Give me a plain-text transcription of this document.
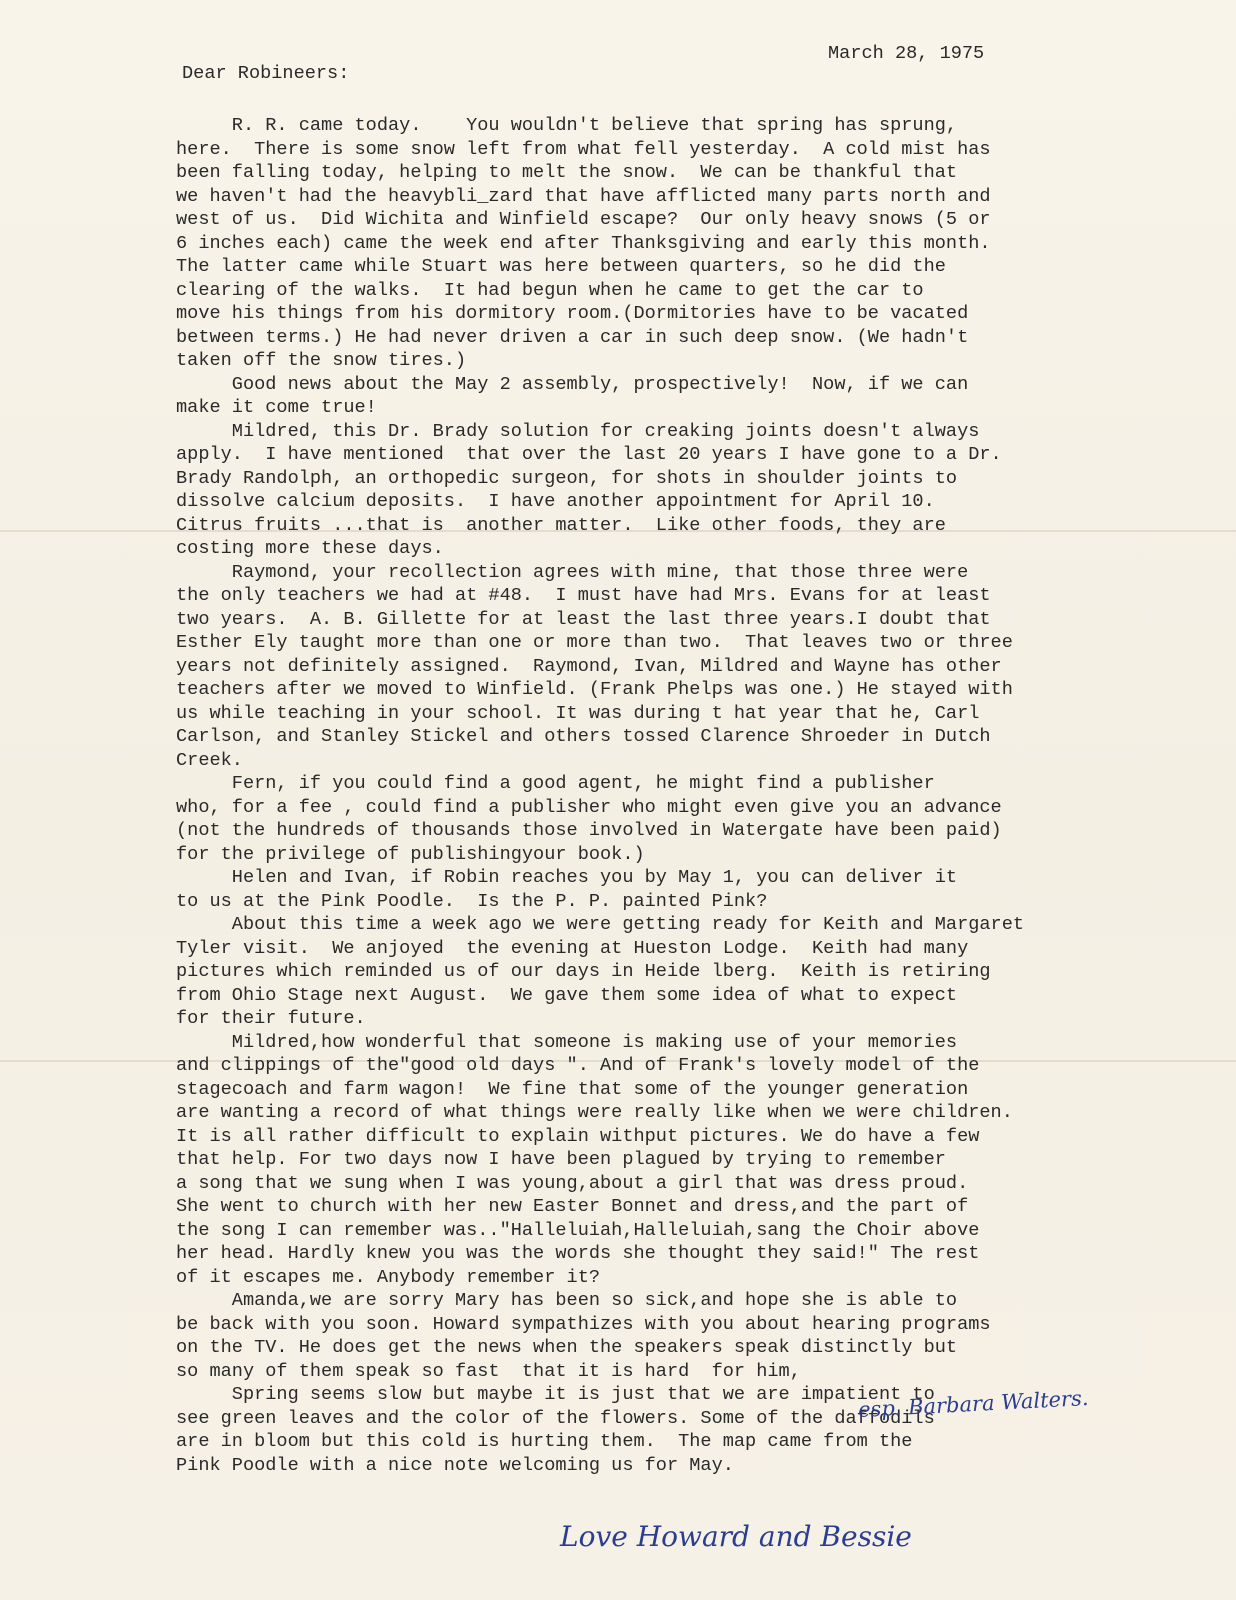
March 28, 1975

Dear Robineers:

R. R. came today.    You wouldn't believe that spring has sprung,
here.  There is some snow left from what fell yesterday.  A cold mist has
been falling today, helping to melt the snow.  We can be thankful that
we haven't had the heavybli_zard that have afflicted many parts north and
west of us.  Did Wichita and Winfield escape?  Our only heavy snows (5 or
6 inches each) came the week end after Thanksgiving and early this month.
The latter came while Stuart was here between quarters, so he did the
clearing of the walks.  It had begun when he came to get the car to
move his things from his dormitory room.(Dormitories have to be vacated
between terms.) He had never driven a car in such deep snow. (We hadn't
taken off the snow tires.)
Good news about the May 2 assembly, prospectively!  Now, if we can
make it come true!
Mildred, this Dr. Brady solution for creaking joints doesn't always
apply.  I have mentioned  that over the last 20 years I have gone to a Dr.
Brady Randolph, an orthopedic surgeon, for shots in shoulder joints to
dissolve calcium deposits.  I have another appointment for April 10.
Citrus fruits ...that is  another matter.  Like other foods, they are
costing more these days.
Raymond, your recollection agrees with mine, that those three were
the only teachers we had at #48.  I must have had Mrs. Evans for at least
two years.  A. B. Gillette for at least the last three years.I doubt that
Esther Ely taught more than one or more than two.  That leaves two or three
years not definitely assigned.  Raymond, Ivan, Mildred and Wayne has other
teachers after we moved to Winfield. (Frank Phelps was one.) He stayed with
us while teaching in your school. It was during t hat year that he, Carl
Carlson, and Stanley Stickel and others tossed Clarence Shroeder in Dutch
Creek.
Fern, if you could find a good agent, he might find a publisher
who, for a fee , could find a publisher who might even give you an advance
(not the hundreds of thousands those involved in Watergate have been paid)
for the privilege of publishingyour book.)
Helen and Ivan, if Robin reaches you by May 1, you can deliver it
to us at the Pink Poodle.  Is the P. P. painted Pink?
About this time a week ago we were getting ready for Keith and Margaret
Tyler visit.  We anjoyed  the evening at Hueston Lodge.  Keith had many
pictures which reminded us of our days in Heide lberg.  Keith is retiring
from Ohio Stage next August.  We gave them some idea of what to expect
for their future.
Mildred,how wonderful that someone is making use of your memories
and clippings of the"good old days ". And of Frank's lovely model of the
stagecoach and farm wagon!  We fine that some of the younger generation
are wanting a record of what things were really like when we were children.
It is all rather difficult to explain withput pictures. We do have a few
that help. For two days now I have been plagued by trying to remember
a song that we sung when I was young,about a girl that was dress proud.
She went to church with her new Easter Bonnet and dress,and the part of
the song I can remember was.."Halleluiah,Halleluiah,sang the Choir above
her head. Hardly knew you was the words she thought they said!" The rest
of it escapes me. Anybody remember it?
Amanda,we are sorry Mary has been so sick,and hope she is able to
be back with you soon. Howard sympathizes with you about hearing programs
on the TV. He does get the news when the speakers speak distinctly but
so many of them speak so fast  that it is hard  for him,
Spring seems slow but maybe it is just that we are impatient to
see green leaves and the color of the flowers. Some of the daffodils
are in bloom but this cold is hurting them.  The map came from the
Pink Poodle with a nice note welcoming us for May.
esp. Barbara Walters.
Love Howard and Bessie
